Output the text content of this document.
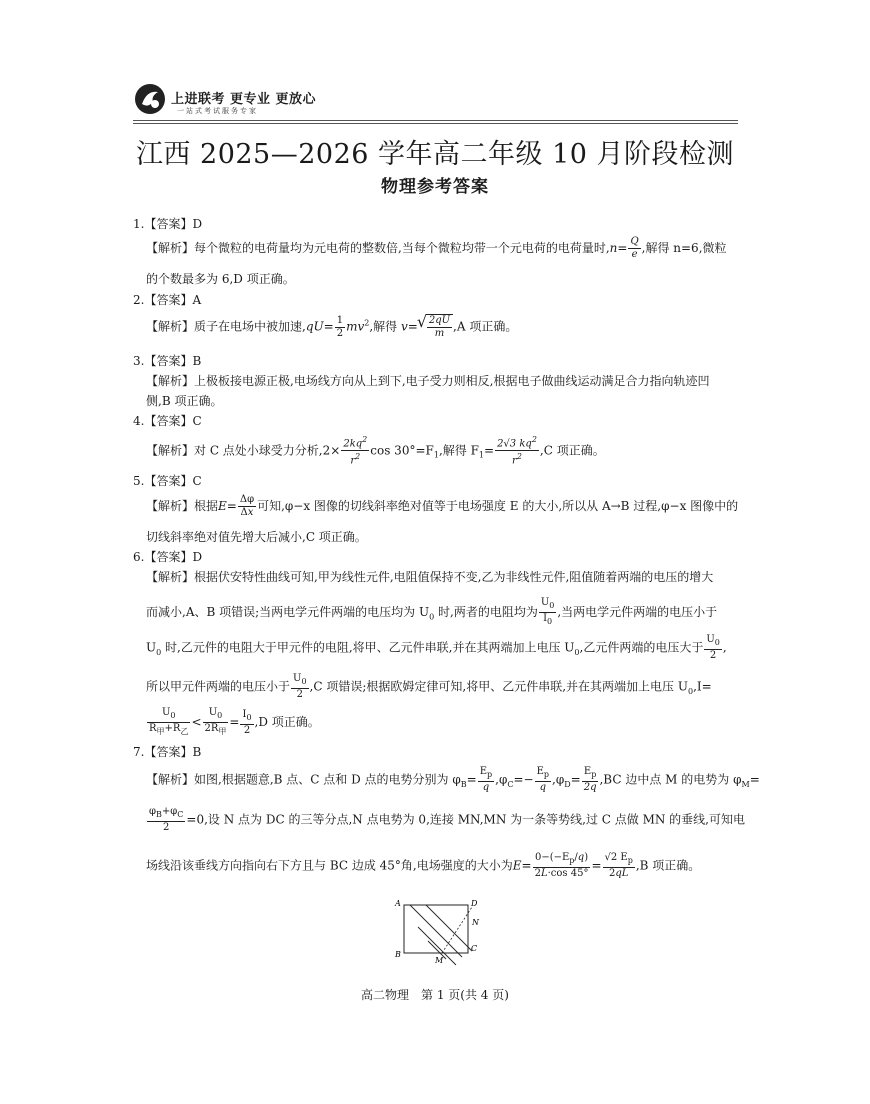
上进联考 更专业 更放心
一站式考试服务专家
江西 2025—2026 学年高二年级 10 月阶段检测
物理参考答案
1.【答案】D
【解析】每个微粒的电荷量均为元电荷的整数倍,当每个微粒均带一个元电荷的电荷量时$,n= \frac{Q}{e}$ ,解得 n=6,微粒
的个数最多为 6,D 项正确。
2.【答案】A
【解析】质子在电场中被加速$,qU= \frac{1}{2} mv^2$,解得 v=
√ $\frac{2qU}{m} ,A$ 项正确。
3.【答案】B
【解析】上极板接电源正极,电场线方向从上到下,电子受力则相反,根据电子做曲线运动满足合力指向轨迹凹
侧,B 项正确。
4.【答案】C
【解析】对 C 点处小球受力分析$,2\times \frac{2kq^2}{r^2}$ $\cos 30^\circ=F_1$,解得 $F_1= \frac{2√3 kq^2}{r^2} ,C$ 项正确。
5.【答案】C
【解析】根据$E= \frac{\Delta\varphi}{\Delta x}$ 可知,φ−x 图像的切线斜率绝对值等于电场强度 E 的大小,所以从 A→B 过程,φ−x 图像中的
切线斜率绝对值先增大后减小,C 项正确。
6.【答案】D
【解析】根据伏安特性曲线可知,甲为线性元件,电阻值保持不变,乙为非线性元件,阻值随着两端的电压的增大
而减小,A、B 项错误;当两电学元件两端的电压均为 $U_0$ 时,两者的电阻均为 $\frac{U_0}{I_0}$ ,当两电学元件两端的电压小于
$U_0$ 时,乙元件的电阻大于甲元件的电阻,将甲、乙元件串联,并在其两端加上电压 $U_0$,乙元件两端的电压大于 $\frac{U_0}{2}$ ,
所以甲元件两端的电压小于 $\frac{U_0}{2} ,C$ 项错误;根据欧姆定律可知,将甲、乙元件串联,并在其两端加上电压 $U_0,I=$
$\frac{U_0}{R_甲+R_乙} < \frac{U_0}{2R_甲} = \frac{I_0}{2} ,D$ 项正确。
7.【答案】B
【解析】如图,根据题意,B 点、C 点和 D 点的电势分别为 $\varphi_B= \frac{E_p}{q} ,\varphi_C=- \frac{E_p}{q} ,\varphi_D= \frac{E_p}{2q} ,BC$ 边中点 M 的电势为 $\varphi_M=$
$\frac{\varphi_B+\varphi_C}{2} =0$,设 N 点为 DC 的三等分点,N 点电势为 0,连接 MN,MN 为一条等势线,过 C 点做 MN 的垂线,可知电
场线沿该垂线方向指向右下方且与 BC 边成 45°角,电场强度的大小为$E= \frac{0-(-E_p/q)}{2L\cdot\cos 45^\circ} = \frac{√2 E_p}{2qL} ,B$ 项正确。
A	D
B
C
N
M
高二物理　第 1 页(共 4 页)
